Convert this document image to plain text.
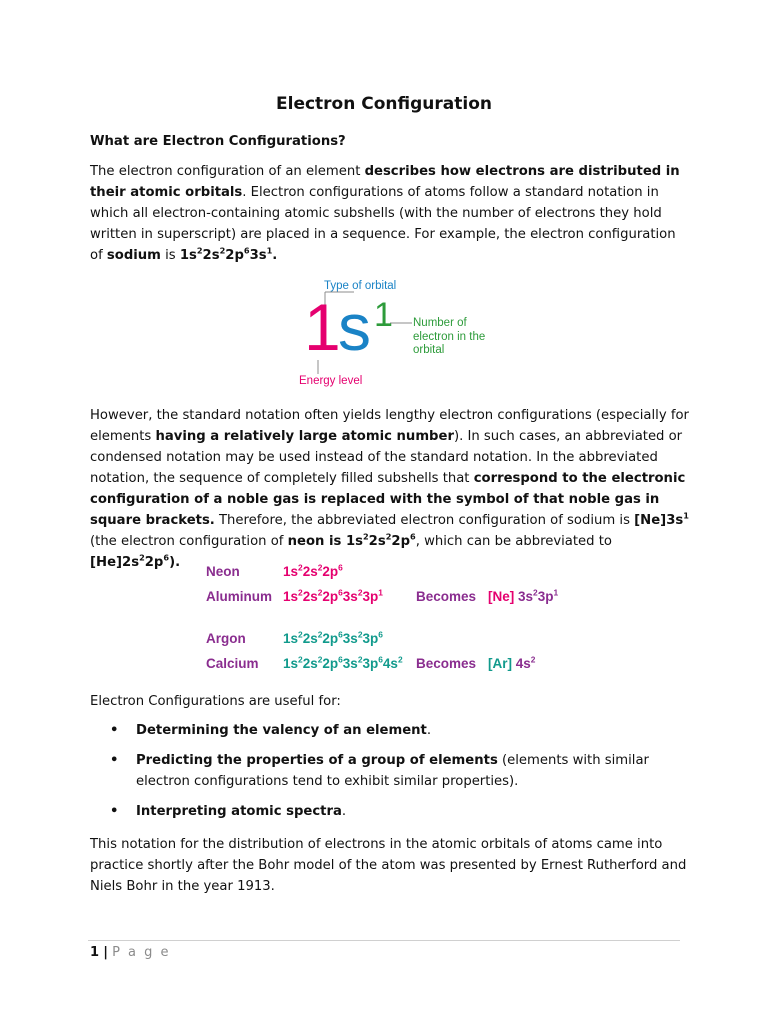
Electron Configuration
What are Electron Configurations?
The electron configuration of an element describes how electrons are distributed in their atomic orbitals. Electron configurations of atoms follow a standard notation in which all electron-containing atomic subshells (with the number of electrons they hold written in superscript) are placed in a sequence. For example, the electron configuration of sodium is $1s^22s^22p^63s^1$.
Type of orbital
1
s 1 Number of electron in the orbital
Energy level
However, the standard notation often yields lengthy electron configurations (especially for elements having a relatively large atomic number). In such cases, an abbreviated or condensed notation may be used instead of the standard notation. In the abbreviated notation, the sequence of completely filled subshells that correspond to the electronic configuration of a noble gas is replaced with the symbol of that noble gas in square brackets. Therefore, the abbreviated electron configuration of sodium is $[Ne]3s^1$ (the electron configuration of neon is $1s^22s^22p^6$, which can be abbreviated to $[He]2s^22p^6$).
Neon	$1s^22s^22p^6$
Aluminum $1s^22s^22p^63s^23p^1$ Becomes [Ne] $3s^23p^1$
Argon	$1s^22s^22p^63s^23p^6$
Calcium $1s^22s^22p^63s^23p^64s^2$ Becomes [Ar] $4s^2$
Electron Configurations are useful for:
• Determining the valency of an element.
• Predicting the properties of a group of elements (elements with similar electron configurations tend to exhibit similar properties).
• Interpreting atomic spectra.
This notation for the distribution of electrons in the atomic orbitals of atoms came into practice shortly after the Bohr model of the atom was presented by Ernest Rutherford and Niels Bohr in the year 1913.
1 | P a g e
